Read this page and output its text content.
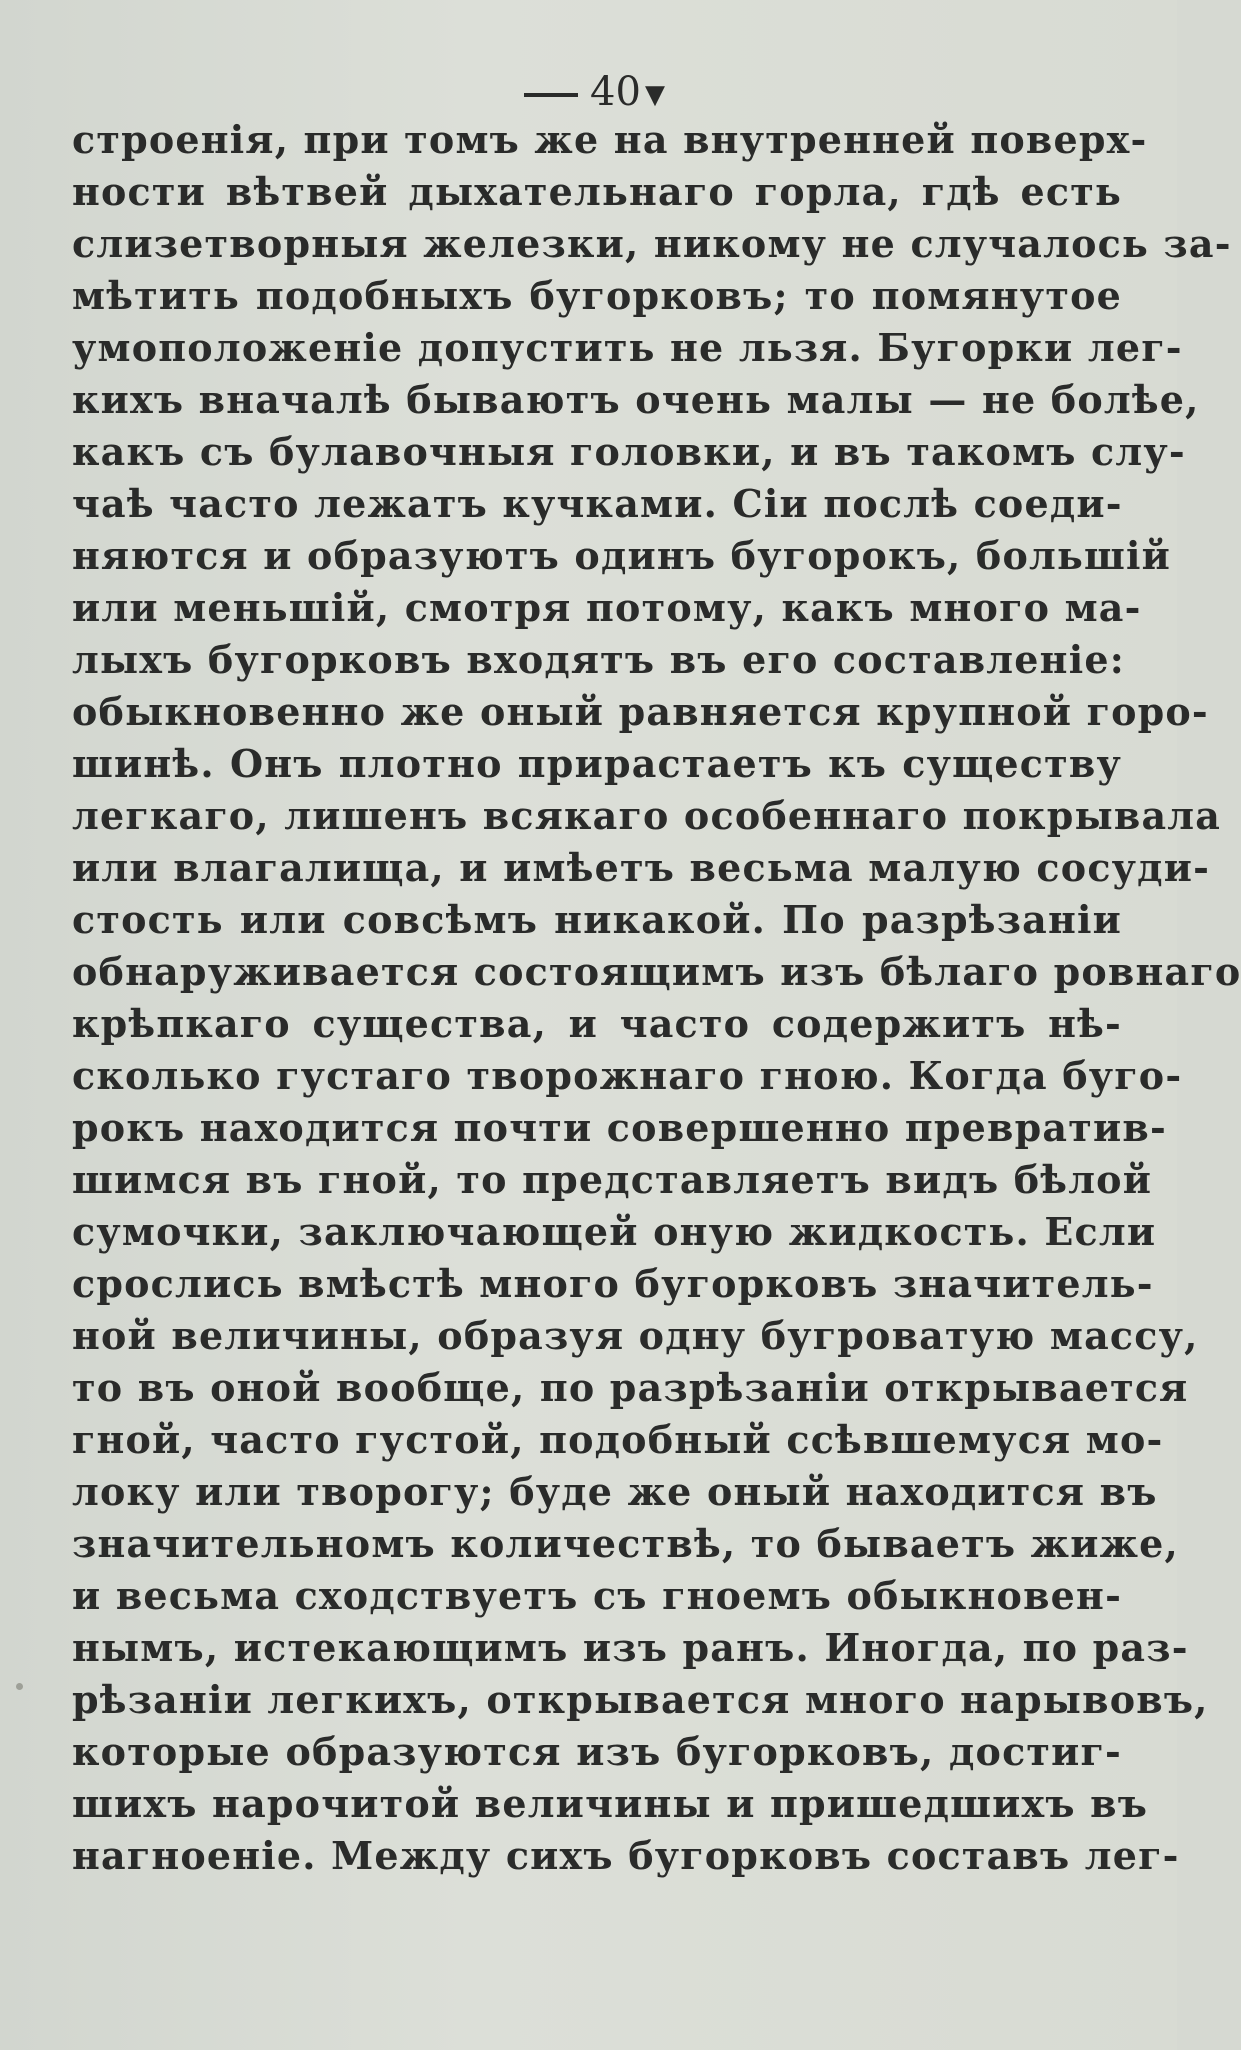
40 ▼
строенія, при томъ же на внутренней поверх-
ности вѣтвей дыхательнаго горла, гдѣ есть
слизетворныя железки, никому не случалось за-
мѣтить подобныхъ бугорковъ; то помянутое
умоположеніе допустить не льзя. Бугорки лег-
кихъ вначалѣ бываютъ очень малы — не болѣе,
какъ съ булавочныя головки, и въ такомъ слу-
чаѣ часто лежатъ кучками. Сіи послѣ соеди-
няются и образуютъ одинъ бугорокъ, большій
или меньшій, смотря потому, какъ много ма-
лыхъ бугорковъ входятъ въ его составленіе:
обыкновенно же оный равняется крупной горо-
шинѣ. Онъ плотно прирастаетъ къ существу
легкаго, лишенъ всякаго особеннаго покрывала
или влагалища, и имѣетъ весьма малую сосуди-
стость или совсѣмъ никакой. По разрѣзаніи
обнаруживается состоящимъ изъ бѣлаго ровнаго
крѣпкаго существа, и часто содержитъ нѣ-
сколько густаго творожнаго гною. Когда буго-
рокъ находится почти совершенно превратив-
шимся въ гной, то представляетъ видъ бѣлой
сумочки, заключающей оную жидкость. Если
срослись вмѣстѣ много бугорковъ значитель-
ной величины, образуя одну бугроватую массу,
то въ оной вообще, по разрѣзаніи открывается
гной, часто густой, подобный ссѣвшемуся мо-
локу или творогу; буде же оный находится въ
значительномъ количествѣ, то бываетъ жиже,
и весьма сходствуетъ съ гноемъ обыкновен-
нымъ, истекающимъ изъ ранъ. Иногда, по раз-
рѣзаніи легкихъ, открывается много нарывовъ,
которые образуются изъ бугорковъ, достиг-
шихъ нарочитой величины и пришедшихъ въ
нагноеніе. Между сихъ бугорковъ составъ лег-
